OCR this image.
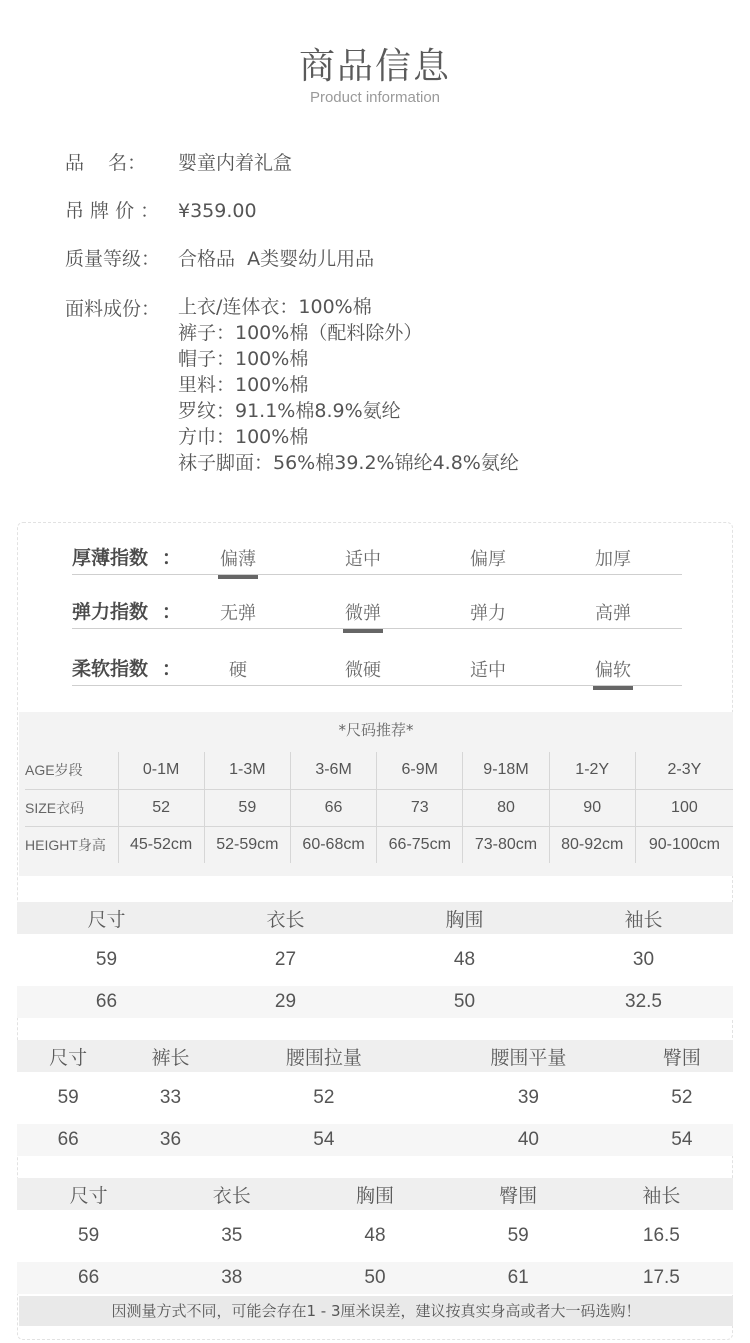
商品信息
Product information
品    名：	婴童内着礼盒
吊 牌 价 ： ¥359.00
质量等级： 合格品  A类婴幼儿用品
面料成份： 上衣/连体衣：100%棉
裤子：100%棉（配料除外）
帽子：100%棉
里料：100%棉
罗纹：91.1%棉8.9%氨纶
方巾：100%棉
袜子脚面：56%棉39.2%锦纶4.8%氨纶
厚薄指数 ：	偏薄	适中	偏厚	加厚
弹力指数 ：	无弹	微弹	弹力	高弹
柔软指数 ：	硬	微硬	适中	偏软
*尺码推荐*
AGE岁段	0-1M	1-3M	3-6M	6-9M	9-18M	1-2Y	2-3Y
SIZE衣码	52	59	66	73	80	90	100
HEIGHT身高	45-52cm	52-59cm	60-68cm	66-75cm	73-80cm	80-92cm	90-100cm
尺寸	衣长	胸围	袖长
59	27	48	30
66	29	50	32.5
尺寸	裤长	腰围拉量	腰围平量	臀围
59	33	52	39	52
66	36	54	40	54
尺寸	衣长	胸围	臀围	袖长
59	35	48	59	16.5
66	38	50	61	17.5
因测量方式不同，可能会存在1 - 3厘米误差，建议按真实身高或者大一码选购！
